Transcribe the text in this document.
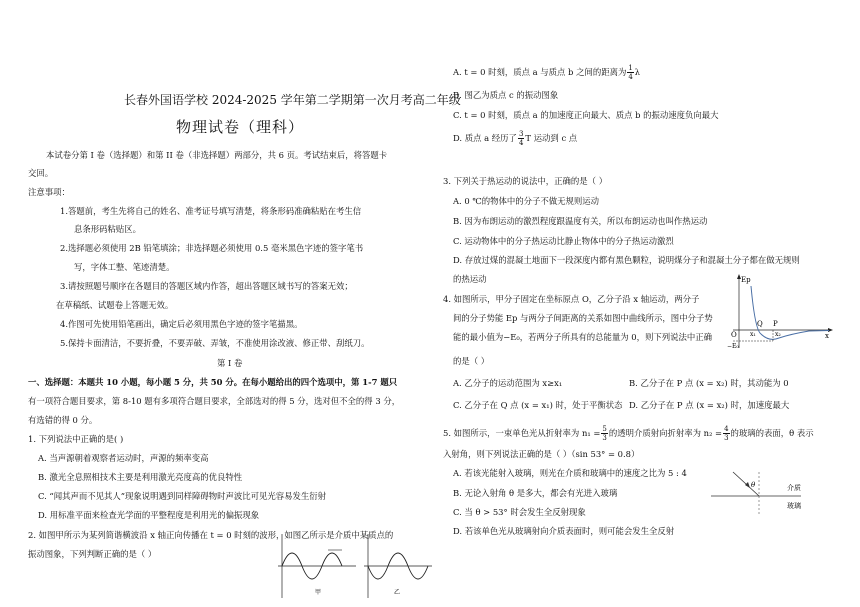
长春外国语学校 2024-2025 学年第二学期第一次月考高二年级
物理试卷（理科）
本试卷分第 I 卷（选择题）和第 II 卷（非选择题）两部分，共 6 页。考试结束后，将答题卡
交回。
注意事项：
1.答题前，考生先将自己的姓名、准考证号填写清楚，将条形码准确粘贴在考生信
息条形码粘贴区。
2.选择题必须使用 2B 铅笔填涂；非选择题必须使用 0.5 毫米黑色字迹的签字笔书
写，字体工整、笔迹清楚。
3.请按照题号顺序在各题目的答题区域内作答，超出答题区域书写的答案无效；
在草稿纸、试题卷上答题无效。
4.作图可先使用铅笔画出，确定后必须用黑色字迹的签字笔描黑。
5.保持卡面清洁，不要折叠，不要弄破、弄皱，不准使用涂改液、修正带、刮纸刀。
第 I 卷
一、选择题：本题共 10 小题，每小题 5 分，共 50 分。在每小题给出的四个选项中，第 1-7 题只
有一项符合题目要求，第 8-10 题有多项符合题目要求，全部选对的得 5 分，选对但不全的得 3 分，
有选错的得 0 分。
1. 下列说法中正确的是( )
A. 当声源朝着观察者运动时，声源的频率变高
B. 激光全息照相技术主要是利用激光亮度高的优良特性
C. “闻其声而不见其人”现象说明遇到同样障碍物时声波比可见光容易发生衍射
D. 用标准平面来检查光学面的平整程度是利用光的偏振现象
2. 如图甲所示为某列简谐横波沿 x 轴正向传播在 t = 0 时刻的波形，如图乙所示是介质中某质点的
振动图象，下列判断正确的是（ ）
甲	乙
A. t = 0 时刻，质点 a 与质点 b 之间的距离为 $\frac{1}{4}$ λ
B. 图乙为质点 c 的振动图象
C. t = 0 时刻，质点 a 的加速度正向最大、质点 b 的振动速度负向最大
D. 质点 a 经历了 $\frac{3}{4}$ T 运动到 c 点
3. 下列关于热运动的说法中，正确的是（ ）
A. 0 ℃的物体中的分子不做无规则运动
B. 因为布朗运动的激烈程度跟温度有关，所以布朗运动也叫作热运动
C. 运动物体中的分子热运动比静止物体中的分子热运动激烈
D. 存放过煤的混凝土地面下一段深度内都有黑色颗粒，说明煤分子和混凝土分子都在做无规则
的热运动
4. 如图所示，甲分子固定在坐标原点 O，乙分子沿 x 轴运动，两分子
间的分子势能 Ep 与两分子间距离的关系如图中曲线所示，图中分子势
能的最小值为−E₀，若两分子所具有的总能量为 0，则下列说法中正确
的是（ ）
Ep
O
Q P
x₁	x₂	x
−E₀
A. 乙分子的运动范围为 x≥x₁	B. 乙分子在 P 点 (x = x₂) 时，其动能为 0
C. 乙分子在 Q 点 (x = x₁) 时，处于平衡状态 D. 乙分子在 P 点 (x = x₂) 时，加速度最大
5. 如图所示，一束单色光从折射率为 $n_1 = \frac{5}{3}$ 的透明介质射向折射率为 $n_2 = \frac{4}{3}$ 的玻璃的表面，θ 表示
入射角，则下列说法正确的是（ ）（sin 53° = 0.8）
A. 若该光能射入玻璃，则光在介质和玻璃中的速度之比为 5 : 4
B. 无论入射角 θ 是多大，都会有光进入玻璃
C. 当 θ > 53° 时会发生全反射现象
D. 若该单色光从玻璃射向介质表面时，则可能会发生全反射
θ	介质
玻璃
